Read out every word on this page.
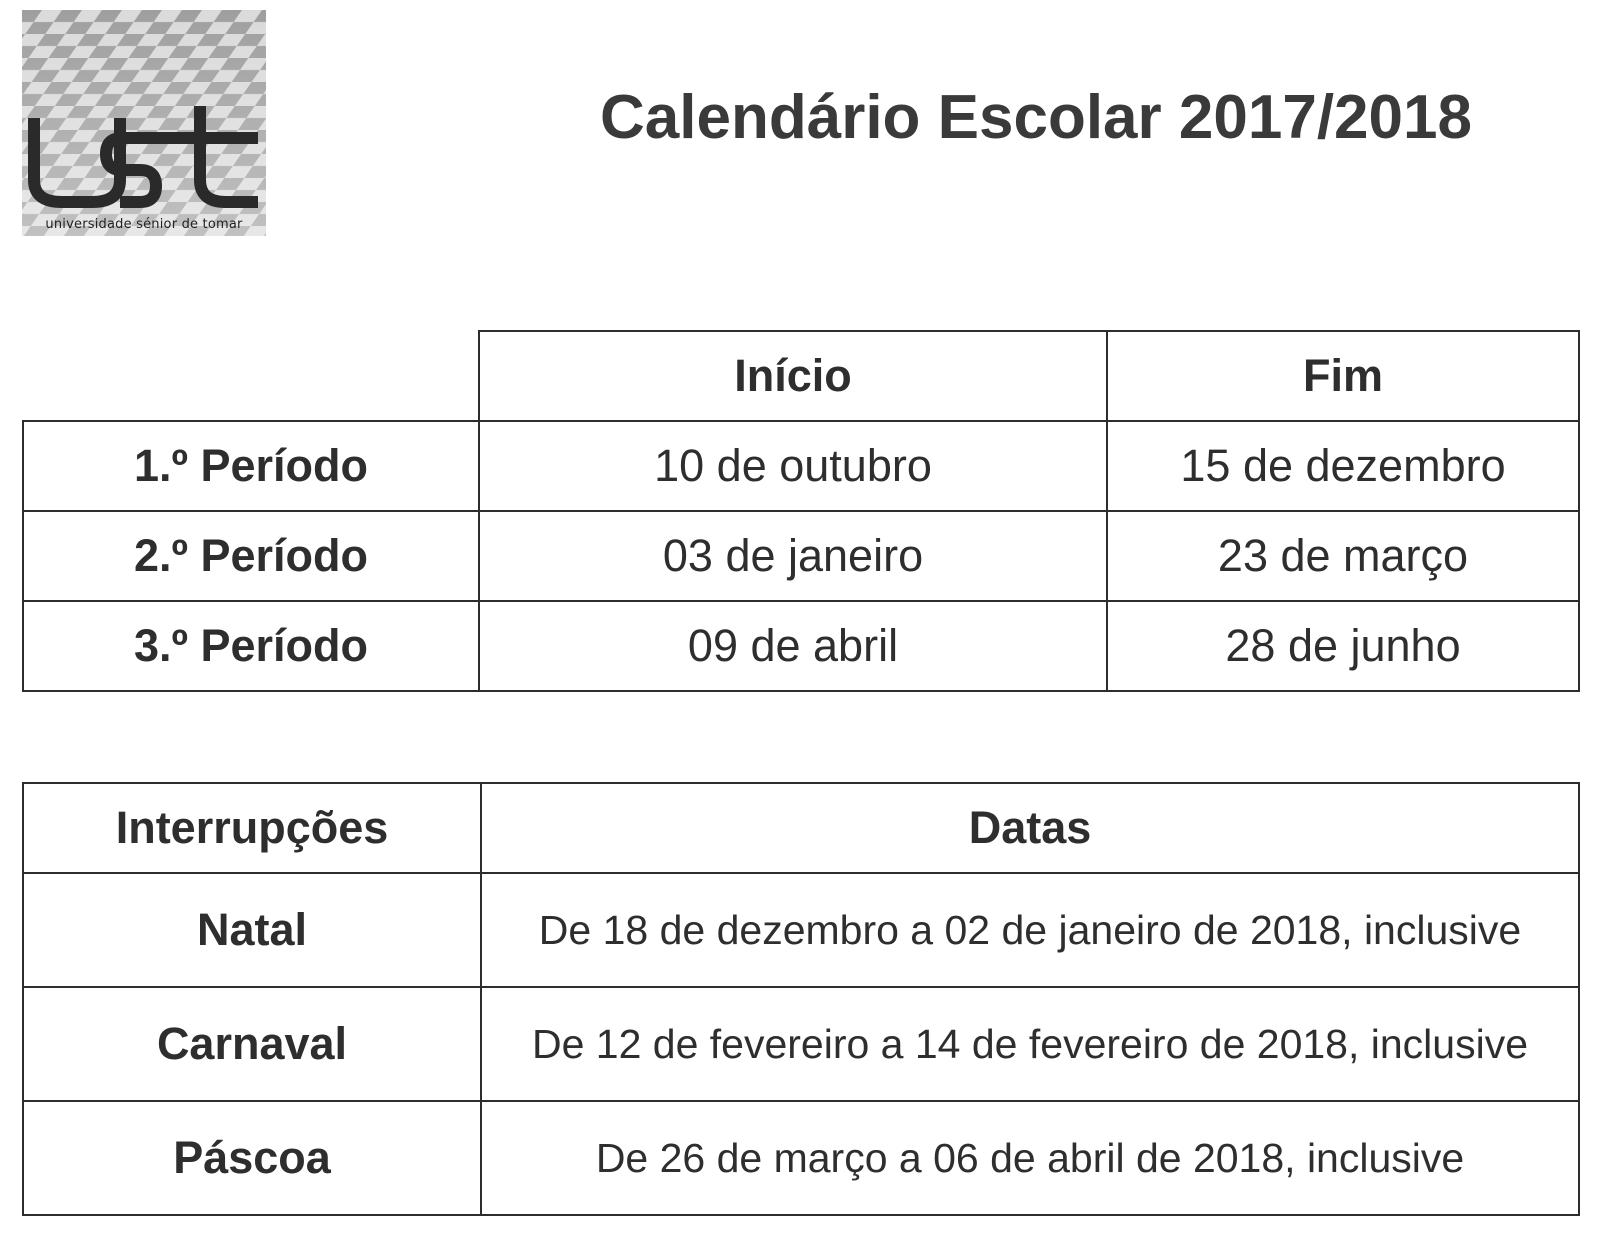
universidade sénior de tomar
Calendário Escolar 2017/2018
	Início	Fim
1.º Período	10 de outubro	15 de dezembro
2.º Período	03 de janeiro	23 de março
3.º Período	09 de abril	28 de junho
Interrupções	Datas
Natal	De 18 de dezembro a 02 de janeiro de 2018, inclusive
Carnaval	De 12 de fevereiro a 14 de fevereiro de 2018, inclusive
Páscoa	De 26 de março a 06 de abril de 2018, inclusive
